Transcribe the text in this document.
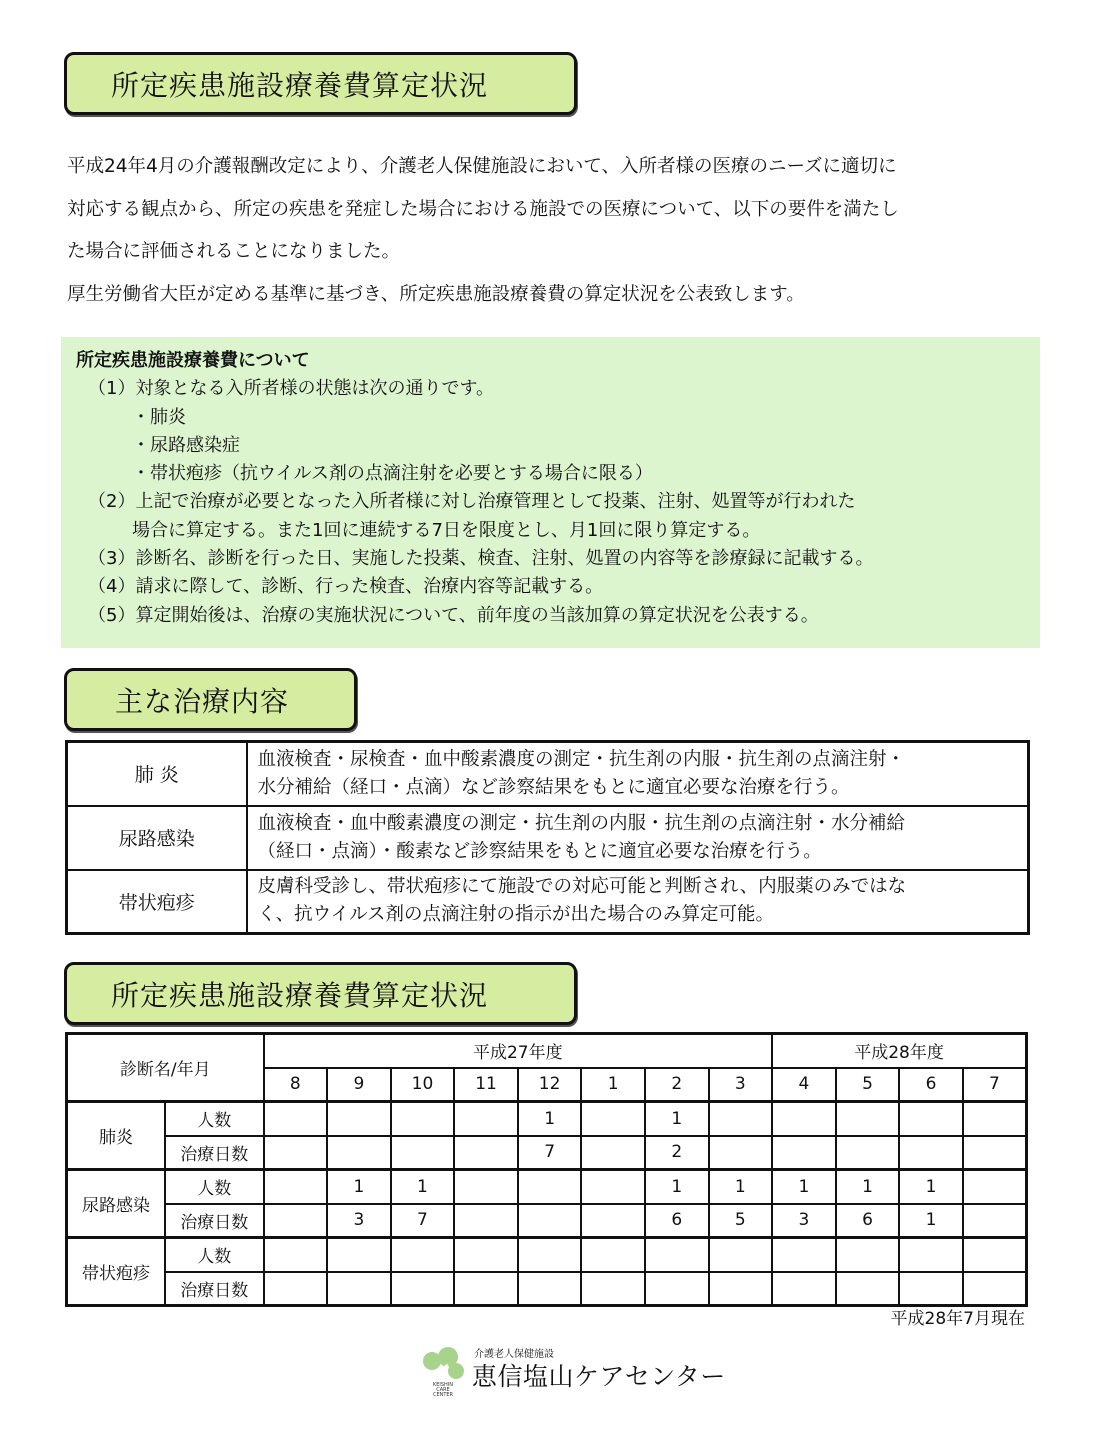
所定疾患施設療養費算定状況
平成24年4月の介護報酬改定により、介護老人保健施設において、入所者様の医療のニーズに適切に
対応する観点から、所定の疾患を発症した場合における施設での医療について、以下の要件を満たし
た場合に評価されることになりました。
厚生労働省大臣が定める基準に基づき、所定疾患施設療養費の算定状況を公表致します。
所定疾患施設療養費について
（1）対象となる入所者様の状態は次の通りです。
・肺炎
・尿路感染症
・帯状疱疹（抗ウイルス剤の点滴注射を必要とする場合に限る）
（2）上記で治療が必要となった入所者様に対し治療管理として投薬、注射、処置等が行われた
場合に算定する。また1回に連続する7日を限度とし、月1回に限り算定する。
（3）診断名、診断を行った日、実施した投薬、検査、注射、処置の内容等を診療録に記載する。
（4）請求に際して、診断、行った検査、治療内容等記載する。
（5）算定開始後は、治療の実施状況について、前年度の当該加算の算定状況を公表する。
主な治療内容
肺 炎	血液検査・尿検査・血中酸素濃度の測定・抗生剤の内服・抗生剤の点滴注射・
水分補給（経口・点滴）など診察結果をもとに適宜必要な治療を行う。

尿路感染	血液検査・血中酸素濃度の測定・抗生剤の内服・抗生剤の点滴注射・水分補給
（経口・点滴）・酸素など診察結果をもとに適宜必要な治療を行う。

帯状疱疹	皮膚科受診し、帯状疱疹にて施設での対応可能と判断され、内服薬のみではな
く、抗ウイルス剤の点滴注射の指示が出た場合のみ算定可能。
所定疾患施設療養費算定状況
診断名/年月		平成27年度								平成28年度			
		8	9	10	11	12	1	2	3	4	5	6	7
肺炎	人数					1		1					
	治療日数					7		2					
尿路感染	人数		1	1				1	1	1	1	1	
	治療日数		3	7				6	5	3	6	1	
帯状疱疹	人数												
	治療日数												
平成28年7月現在
KEISHIN CARE CENTER
介護老人保健施設
恵信塩山ケアセンター
